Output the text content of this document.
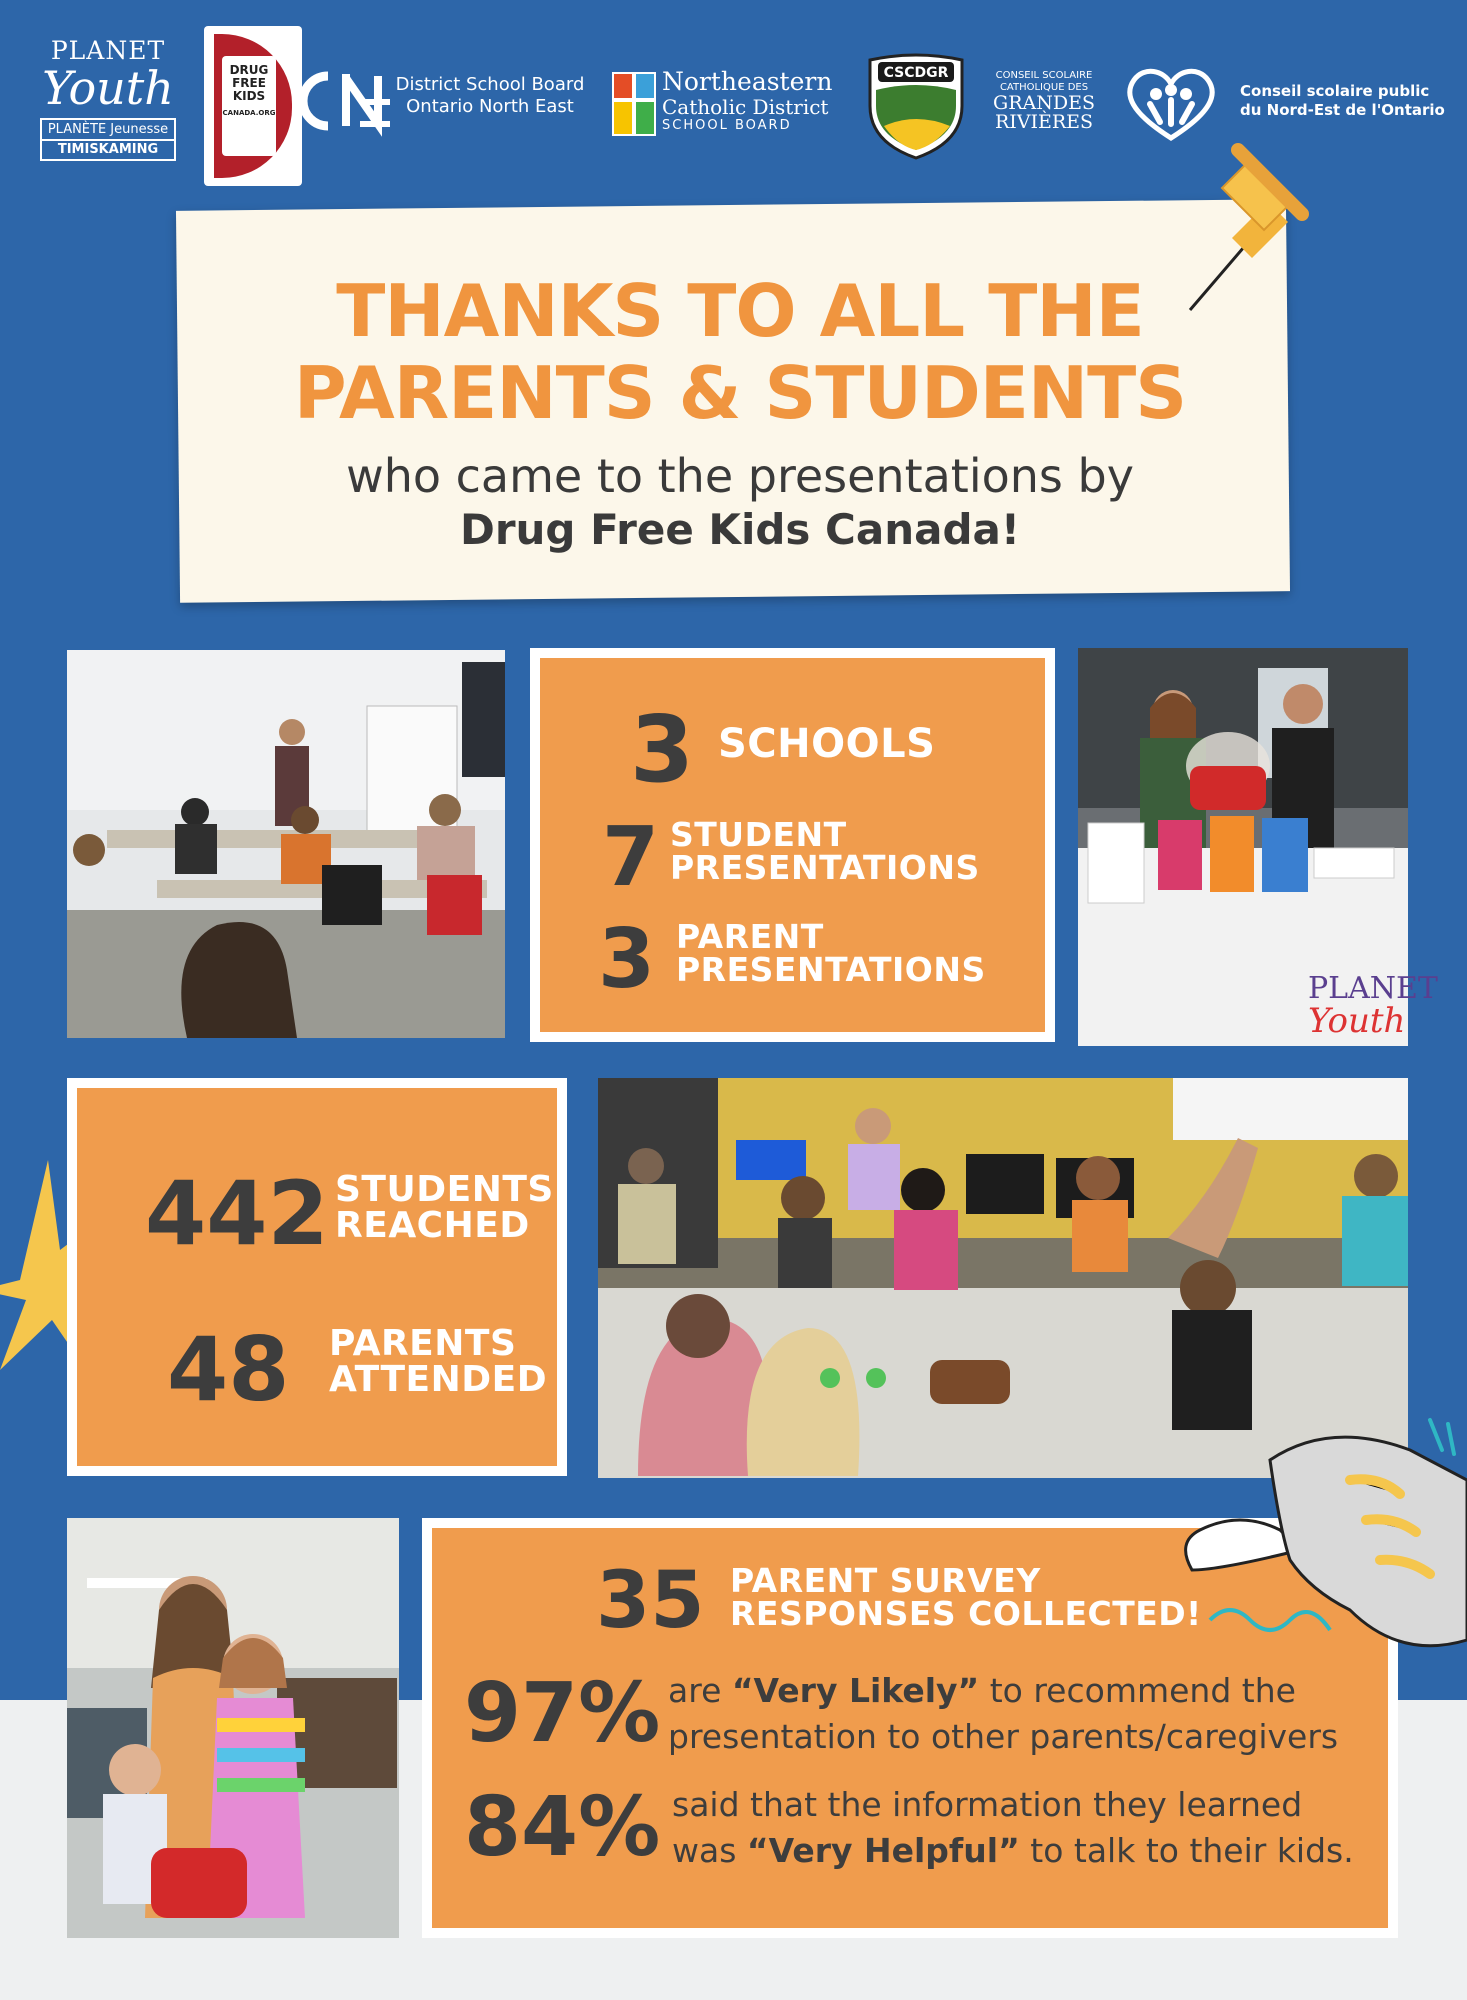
PLANET
Youth
PLANÈTE Jeunesse
TIMISKAMING
DRUG
FREE
KIDS
CANADA.ORG
District School Board
Ontario North East
Northeastern
Catholic District
SCHOOL BOARD
CSCDGR	CONSEIL SCOLAIRE
CATHOLIQUE DES
GRANDES
RIVIÈRES
Conseil scolaire public
du Nord-Est de l'Ontario
THANKS TO ALL THE
PARENTS & STUDENTS
who came to the presentations by
Drug Free Kids Canada!
3 SCHOOLS
7 STUDENT
PRESENTATIONS
3 PARENT
PRESENTATIONS	PLANET
Youth
442 STUDENTS
REACHED
48 PARENTS
ATTENDED
35 PARENT SURVEY
RESPONSES COLLECTED!
97% are “Very Likely” to recommend the
presentation to other parents/caregivers
84% said that the information they learned
was “Very Helpful” to talk to their kids.
